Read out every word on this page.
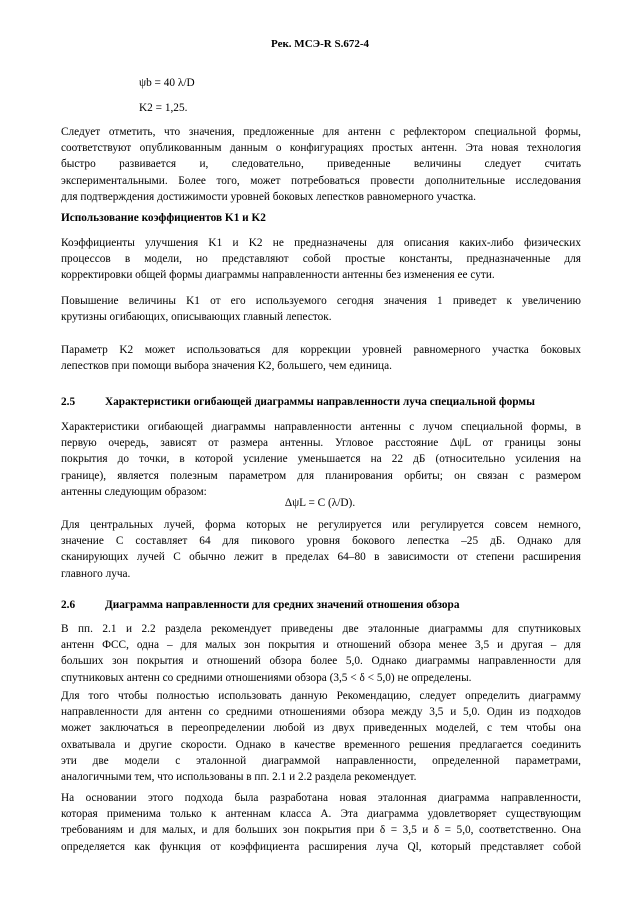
Рек. МСЭ-R S.672-4
ψb = 40 λ/D
K2 = 1,25.
Следует отметить, что значения, предложенные для антенн с рефлектором специальной формы,
соответствуют опубликованным данным о конфигурациях простых антенн. Эта новая технология
быстро развивается и, следовательно, приведенные величины следует считать
экспериментальными. Более того, может потребоваться провести дополнительные исследования
для подтверждения достижимости уровней боковых лепестков равномерного участка.
Использование коэффициентов K1 и K2
Коэффициенты улучшения K1 и K2 не предназначены для описания каких-либо физических
процессов в модели, но представляют собой простые константы, предназначенные для
корректировки общей формы диаграммы направленности антенны без изменения ее сути.
Повышение величины K1 от его используемого сегодня значения 1 приведет к увеличению
крутизны огибающих, описывающих главный лепесток.
Параметр K2 может использоваться для коррекции уровней равномерного участка боковых
лепестков при помощи выбора значения K2, большего, чем единица.
2.5	Характеристики огибающей диаграммы направленности луча специальной формы
Характеристики огибающей диаграммы направленности антенны с лучом специальной формы, в
первую очередь, зависят от размера антенны. Угловое расстояние ΔψL от границы зоны
покрытия до точки, в которой усиление уменьшается на 22 дБ (относительно усиления на
границе), является полезным параметром для планирования орбиты; он связан с размером
антенны следующим образом:
ΔψL = C (λ/D).
Для центральных лучей, форма которых не регулируется или регулируется совсем немного,
значение C составляет 64 для пикового уровня бокового лепестка –25 дБ. Однако для
сканирующих лучей C обычно лежит в пределах 64–80 в зависимости от степени расширения
главного луча.
2.6	Диаграмма направленности для средних значений отношения обзора
В пп. 2.1 и 2.2 раздела рекомендует приведены две эталонные диаграммы для спутниковых
антенн ФСС, одна – для малых зон покрытия и отношений обзора менее 3,5 и другая – для
больших зон покрытия и отношений обзора более 5,0. Однако диаграммы направленности для
спутниковых антенн со средними отношениями обзора (3,5 < δ < 5,0) не определены.
Для того чтобы полностью использовать данную Рекомендацию, следует определить диаграмму
направленности для антенн со средними отношениями обзора между 3,5 и 5,0. Один из подходов
может заключаться в переопределении любой из двух приведенных моделей, с тем чтобы она
охватывала и другие скорости. Однако в качестве временного решения предлагается соединить
эти две модели с эталонной диаграммой направленности, определенной параметрами,
аналогичными тем, что использованы в пп. 2.1 и 2.2 раздела рекомендует.
На основании этого подхода была разработана новая эталонная диаграмма направленности,
которая применима только к антеннам класса А. Эта диаграмма удовлетворяет существующим
требованиям и для малых, и для больших зон покрытия при δ = 3,5 и δ = 5,0, соответственно. Она
определяется как функция от коэффициента расширения луча Ql, который представляет собой
